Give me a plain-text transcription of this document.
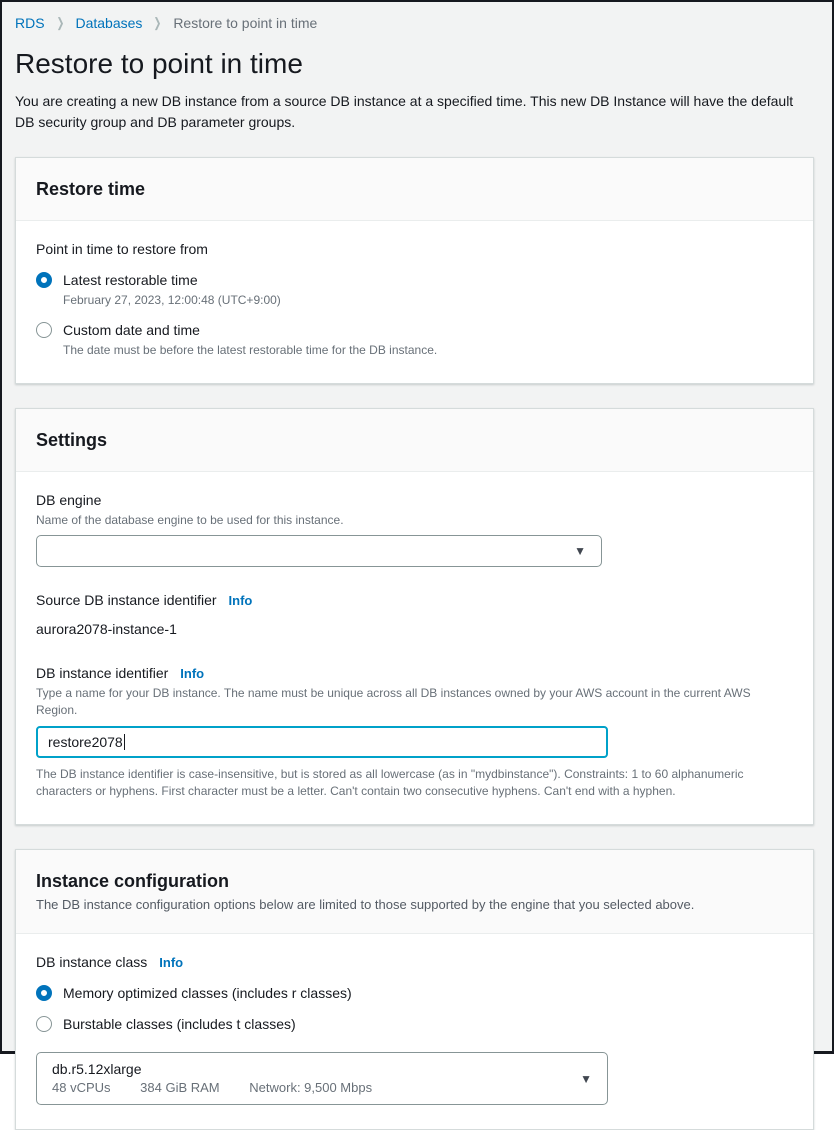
RDS ❯ Databases ❯ Restore to point in time
Restore to point in time

You are creating a new DB instance from a source DB instance at a specified time. This new DB Instance will have the default DB security group and DB parameter groups.

Restore time
Point in time to restore from
Latest restorable time
February 27, 2023, 12:00:48 (UTC+9:00)
Custom date and time
The date must be before the latest restorable time for the DB instance.
Settings
DB engine
Name of the database engine to be used for this instance.
▼
Source DB instance identifier Info
aurora2078-instance-1
DB instance identifier Info
Type a name for your DB instance. The name must be unique across all DB instances owned by your AWS account in the current AWS Region.
restore2078
The DB instance identifier is case-insensitive, but is stored as all lowercase (as in "mydbinstance"). Constraints: 1 to 60 alphanumeric characters or hyphens. First character must be a letter. Can't contain two consecutive hyphens. Can't end with a hyphen.
Instance configuration
The DB instance configuration options below are limited to those supported by the engine that you selected above.
DB instance class Info
Memory optimized classes (includes r classes)
Burstable classes (includes t classes)
db.r5.12xlarge
48 vCPUs 384 GiB RAM Network: 9,500 Mbps
▼
